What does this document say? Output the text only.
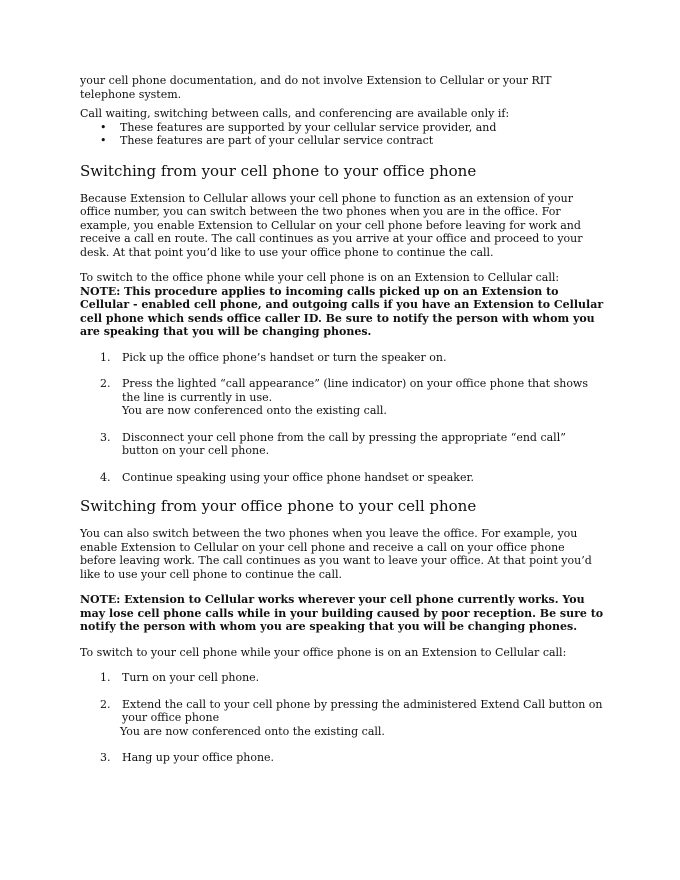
your cell phone documentation, and do not involve Extension to Cellular or your RIT telephone system.

Call waiting, switching between calls, and conferencing are available only if:

• These features are supported by your cellular service provider, and
• These features are part of your cellular service contract
Switching from your cell phone to your office phone

Because Extension to Cellular allows your cell phone to function as an extension of your office number, you can switch between the two phones when you are in the office. For example, you enable Extension to Cellular on your cell phone before leaving for work and receive a call en route. The call continues as you arrive at your office and proceed to your desk. At that point you’d like to use your office phone to continue the call.

To switch to the office phone while your cell phone is on an Extension to Cellular call:

NOTE: This procedure applies to incoming calls picked up on an Extension to Cellular - enabled cell phone, and outgoing calls if you have an Extension to Cellular cell phone which sends office caller ID. Be sure to notify the person with whom you are speaking that you will be changing phones.

1. Pick up the office phone’s handset or turn the speaker on.
2. Press the lighted “call appearance” (line indicator) on your office phone that shows the line is currently in use.
You are now conferenced onto the existing call.
3. Disconnect your cell phone from the call by pressing the appropriate “end call” button on your cell phone.
4. Continue speaking using your office phone handset or speaker.
Switching from your office phone to your cell phone

You can also switch between the two phones when you leave the office. For example, you enable Extension to Cellular on your cell phone and receive a call on your office phone before leaving work. The call continues as you want to leave your office. At that point you’d like to use your cell phone to continue the call.

NOTE: Extension to Cellular works wherever your cell phone currently works. You may lose cell phone calls while in your building caused by poor reception. Be sure to notify the person with whom you are speaking that you will be changing phones.

To switch to your cell phone while your office phone is on an Extension to Cellular call:

1. Turn on your cell phone.
2. Extend the call to your cell phone by pressing the administered Extend Call button on your office phone
You are now conferenced onto the existing call.
3. Hang up your office phone.
